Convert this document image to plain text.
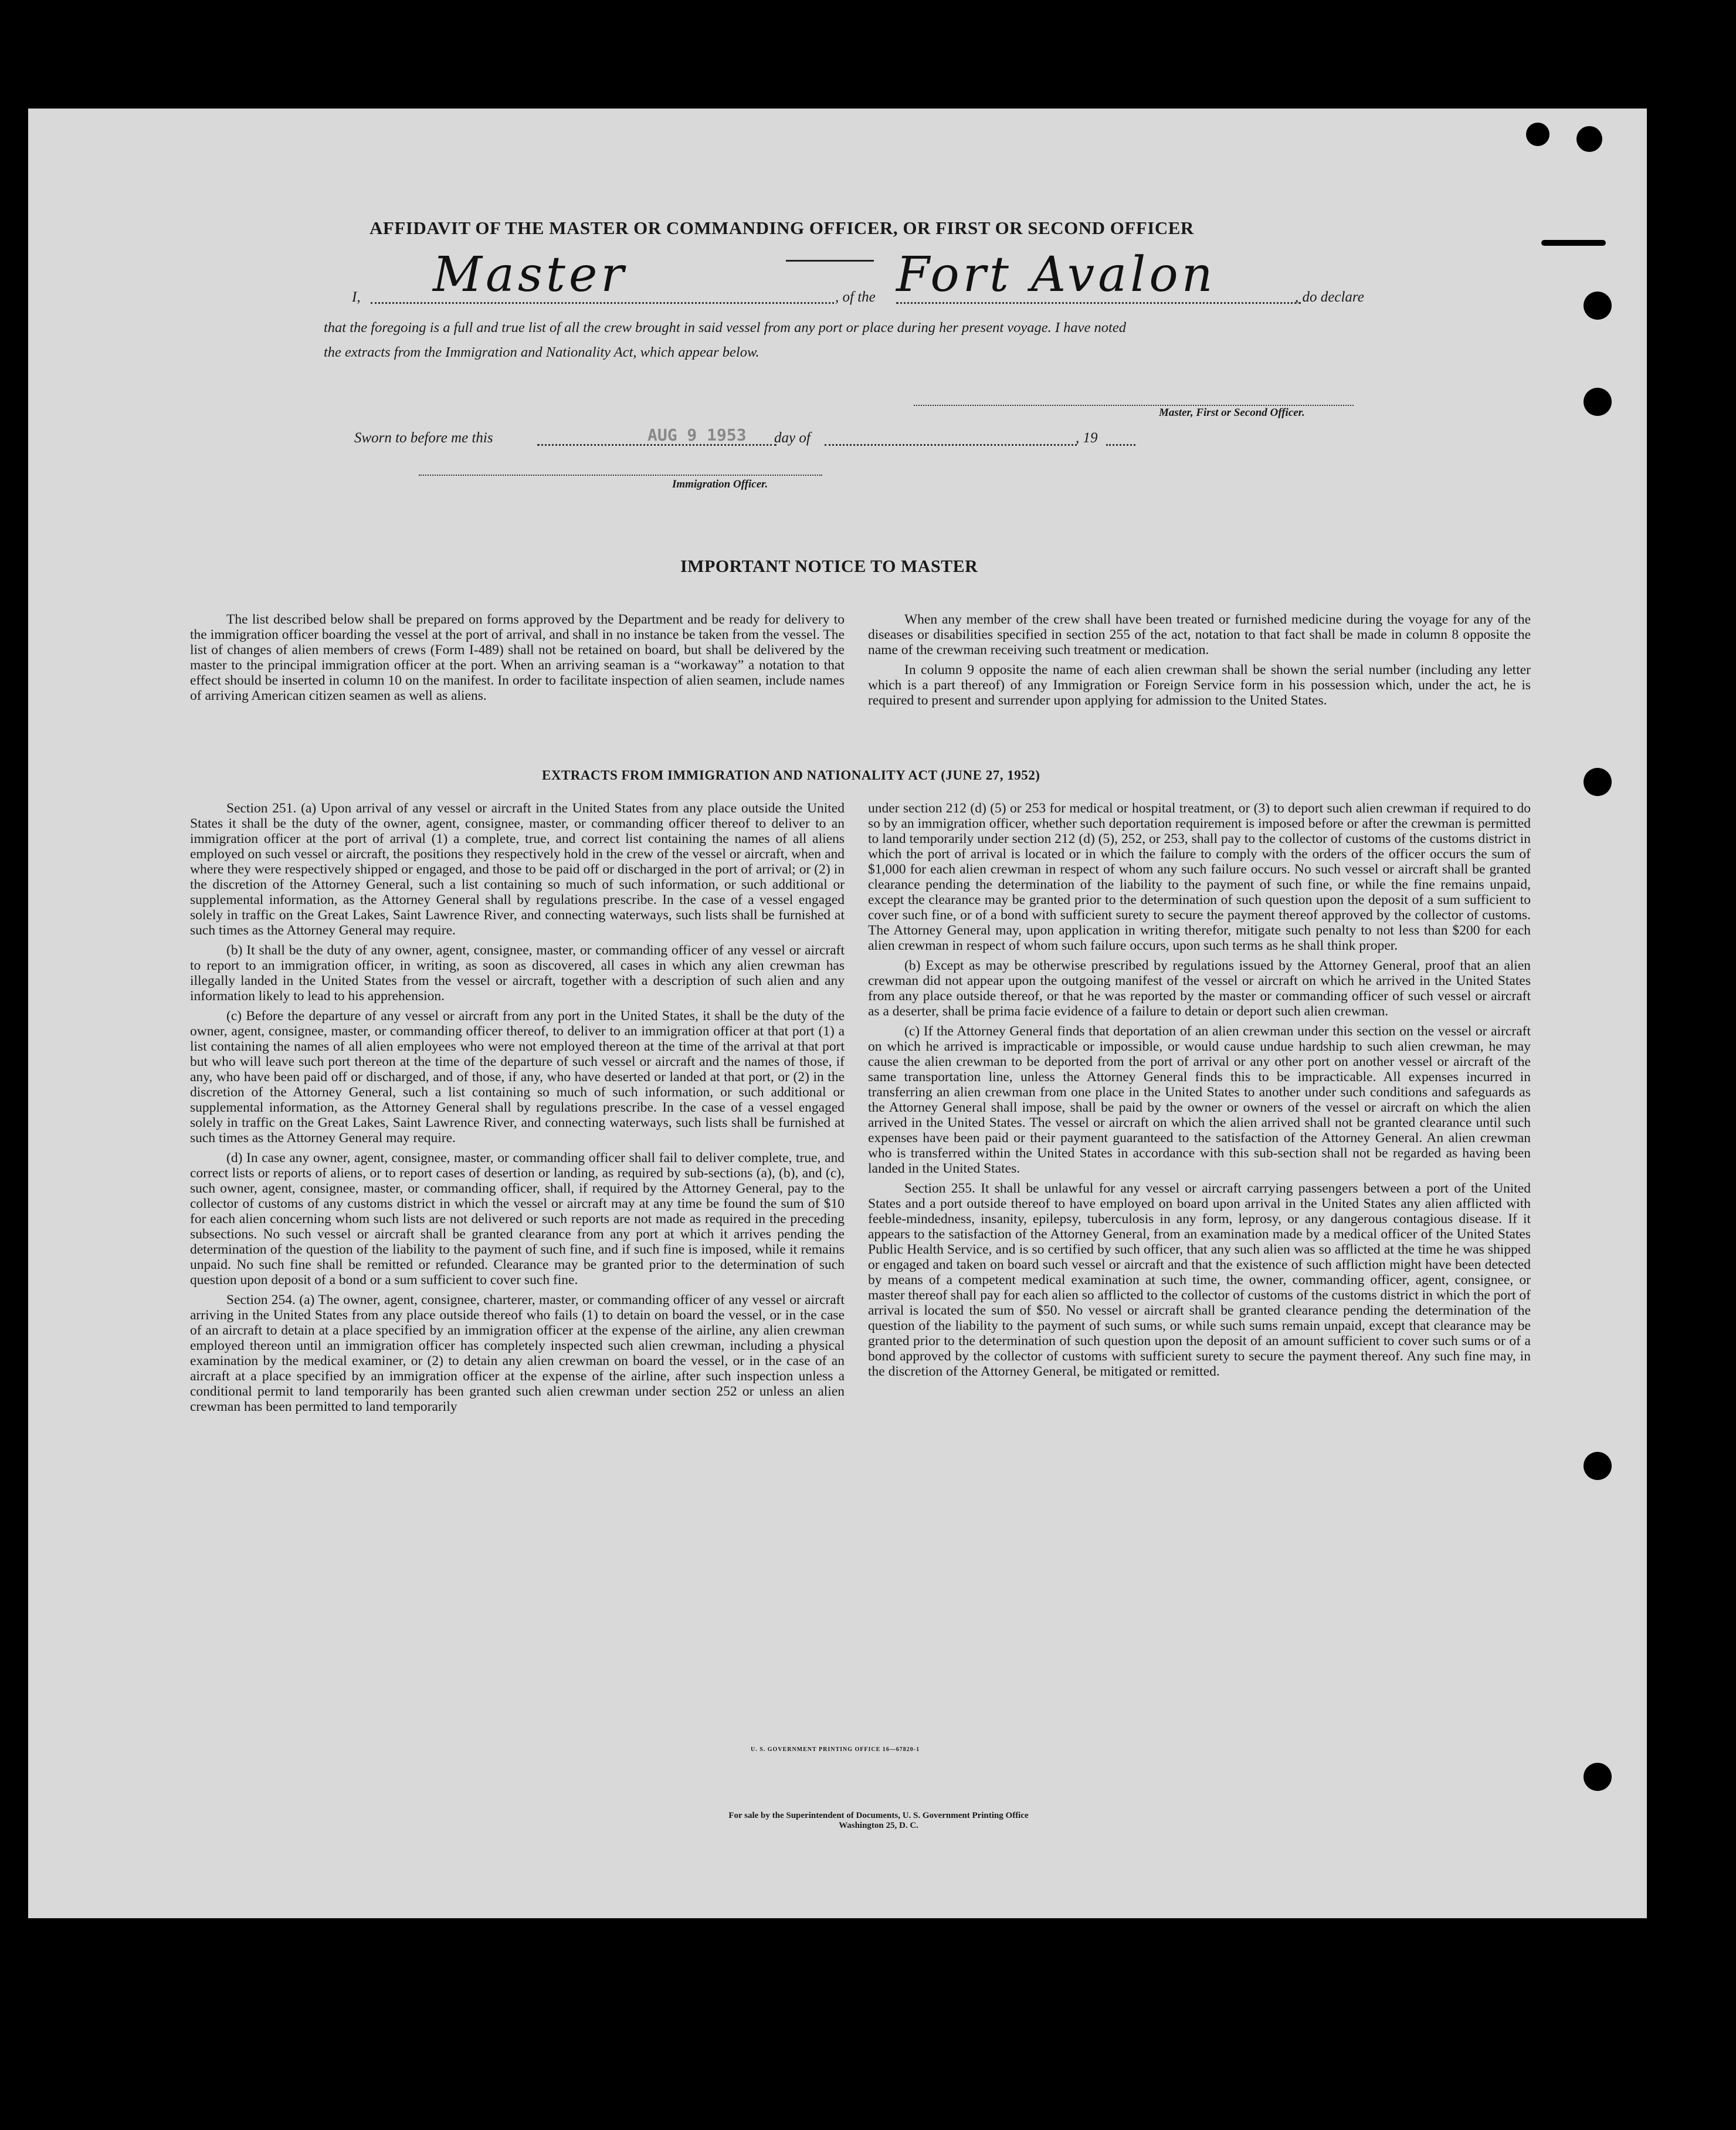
AFFIDAVIT OF THE MASTER OR COMMANDING OFFICER, OR FIRST OR SECOND OFFICER
I, Master	, of the Fort Avalon	, do declare
that the foregoing is a full and true list of all the crew brought in said vessel from any port or place during her present voyage. I have noted
the extracts from the Immigration and Nationality Act, which appear below.
Master, First or Second Officer.
Sworn to before me this	AUG 9 1953 day of	, 19
Immigration Officer.
IMPORTANT NOTICE TO MASTER

The list described below shall be prepared on forms approved by the Department and be ready for delivery to the immigration officer boarding the vessel at the port of arrival, and shall in no instance be taken from the vessel. The list of changes of alien members of crews (Form I-489) shall not be retained on board, but shall be delivered by the master to the principal immigration officer at the port. When an arriving seaman is a “workaway” a notation to that effect should be inserted in column 10 on the manifest. In order to facilitate inspection of alien seamen, include names of arriving American citizen seamen as well as aliens.

When any member of the crew shall have been treated or furnished medicine during the voyage for any of the diseases or disabilities specified in section 255 of the act, notation to that fact shall be made in column 8 opposite the name of the crewman receiving such treatment or medication.

In column 9 opposite the name of each alien crewman shall be shown the serial number (including any letter which is a part thereof) of any Immigration or Foreign Service form in his possession which, under the act, he is required to present and surrender upon applying for admission to the United States.

EXTRACTS FROM IMMIGRATION AND NATIONALITY ACT (JUNE 27, 1952)

Section 251. (a) Upon arrival of any vessel or aircraft in the United States from any place outside the United States it shall be the duty of the owner, agent, consignee, master, or commanding officer thereof to deliver to an immigration officer at the port of arrival (1) a complete, true, and correct list containing the names of all aliens employed on such vessel or aircraft, the positions they respectively hold in the crew of the vessel or aircraft, when and where they were respectively shipped or engaged, and those to be paid off or discharged in the port of arrival; or (2) in the discretion of the Attorney General, such a list containing so much of such information, or such additional or supplemental information, as the Attorney General shall by regulations prescribe. In the case of a vessel engaged solely in traffic on the Great Lakes, Saint Lawrence River, and connecting waterways, such lists shall be furnished at such times as the Attorney General may require.

(b) It shall be the duty of any owner, agent, consignee, master, or commanding officer of any vessel or aircraft to report to an immigration officer, in writing, as soon as discovered, all cases in which any alien crewman has illegally landed in the United States from the vessel or aircraft, together with a description of such alien and any information likely to lead to his apprehension.

(c) Before the departure of any vessel or aircraft from any port in the United States, it shall be the duty of the owner, agent, consignee, master, or commanding officer thereof, to deliver to an immigration officer at that port (1) a list containing the names of all alien employees who were not employed thereon at the time of the arrival at that port but who will leave such port thereon at the time of the departure of such vessel or aircraft and the names of those, if any, who have been paid off or discharged, and of those, if any, who have deserted or landed at that port, or (2) in the discretion of the Attorney General, such a list containing so much of such information, or such additional or supplemental information, as the Attorney General shall by regulations prescribe. In the case of a vessel engaged solely in traffic on the Great Lakes, Saint Lawrence River, and connecting waterways, such lists shall be furnished at such times as the Attorney General may require.

(d) In case any owner, agent, consignee, master, or commanding officer shall fail to deliver complete, true, and correct lists or reports of aliens, or to report cases of desertion or landing, as required by sub-sections (a), (b), and (c), such owner, agent, consignee, master, or commanding officer, shall, if required by the Attorney General, pay to the collector of customs of any customs district in which the vessel or aircraft may at any time be found the sum of $10 for each alien concerning whom such lists are not delivered or such reports are not made as required in the preceding subsections. No such vessel or aircraft shall be granted clearance from any port at which it arrives pending the determination of the question of the liability to the payment of such fine, and if such fine is imposed, while it remains unpaid. No such fine shall be remitted or refunded. Clearance may be granted prior to the determination of such question upon deposit of a bond or a sum sufficient to cover such fine.

Section 254. (a) The owner, agent, consignee, charterer, master, or commanding officer of any vessel or aircraft arriving in the United States from any place outside thereof who fails (1) to detain on board the vessel, or in the case of an aircraft to detain at a place specified by an immigration officer at the expense of the airline, any alien crewman employed thereon until an immigration officer has completely inspected such alien crewman, including a physical examination by the medical examiner, or (2) to detain any alien crewman on board the vessel, or in the case of an aircraft at a place specified by an immigration officer at the expense of the airline, after such inspection unless a conditional permit to land temporarily has been granted such alien crewman under section 252 or unless an alien crewman has been permitted to land temporarily

under section 212 (d) (5) or 253 for medical or hospital treatment, or (3) to deport such alien crewman if required to do so by an immigration officer, whether such deportation requirement is imposed before or after the crewman is permitted to land temporarily under section 212 (d) (5), 252, or 253, shall pay to the collector of customs of the customs district in which the port of arrival is located or in which the failure to comply with the orders of the officer occurs the sum of $1,000 for each alien crewman in respect of whom any such failure occurs. No such vessel or aircraft shall be granted clearance pending the determination of the liability to the payment of such fine, or while the fine remains unpaid, except the clearance may be granted prior to the determination of such question upon the deposit of a sum sufficient to cover such fine, or of a bond with sufficient surety to secure the payment thereof approved by the collector of customs. The Attorney General may, upon application in writing therefor, mitigate such penalty to not less than $200 for each alien crewman in respect of whom such failure occurs, upon such terms as he shall think proper.

(b) Except as may be otherwise prescribed by regulations issued by the Attorney General, proof that an alien crewman did not appear upon the outgoing manifest of the vessel or aircraft on which he arrived in the United States from any place outside thereof, or that he was reported by the master or commanding officer of such vessel or aircraft as a deserter, shall be prima facie evidence of a failure to detain or deport such alien crewman.

(c) If the Attorney General finds that deportation of an alien crewman under this section on the vessel or aircraft on which he arrived is impracticable or impossible, or would cause undue hardship to such alien crewman, he may cause the alien crewman to be deported from the port of arrival or any other port on another vessel or aircraft of the same transportation line, unless the Attorney General finds this to be impracticable. All expenses incurred in transferring an alien crewman from one place in the United States to another under such conditions and safeguards as the Attorney General shall impose, shall be paid by the owner or owners of the vessel or aircraft on which the alien arrived in the United States. The vessel or aircraft on which the alien arrived shall not be granted clearance until such expenses have been paid or their payment guaranteed to the satisfaction of the Attorney General. An alien crewman who is transferred within the United States in accordance with this sub-section shall not be regarded as having been landed in the United States.

Section 255. It shall be unlawful for any vessel or aircraft carrying passengers between a port of the United States and a port outside thereof to have employed on board upon arrival in the United States any alien afflicted with feeble-mindedness, insanity, epilepsy, tuberculosis in any form, leprosy, or any dangerous contagious disease. If it appears to the satisfaction of the Attorney General, from an examination made by a medical officer of the United States Public Health Service, and is so certified by such officer, that any such alien was so afflicted at the time he was shipped or engaged and taken on board such vessel or aircraft and that the existence of such affliction might have been detected by means of a competent medical examination at such time, the owner, commanding officer, agent, consignee, or master thereof shall pay for each alien so afflicted to the collector of customs of the customs district in which the port of arrival is located the sum of $50. No vessel or aircraft shall be granted clearance pending the determination of the question of the liability to the payment of such sums, or while such sums remain unpaid, except that clearance may be granted prior to the determination of such question upon the deposit of an amount sufficient to cover such sums or of a bond approved by the collector of customs with sufficient surety to secure the payment thereof. Any such fine may, in the discretion of the Attorney General, be mitigated or remitted.

U. S. GOVERNMENT PRINTING OFFICE 16—67820-1
For sale by the Superintendent of Documents, U. S. Government Printing Office
Washington 25, D. C.
